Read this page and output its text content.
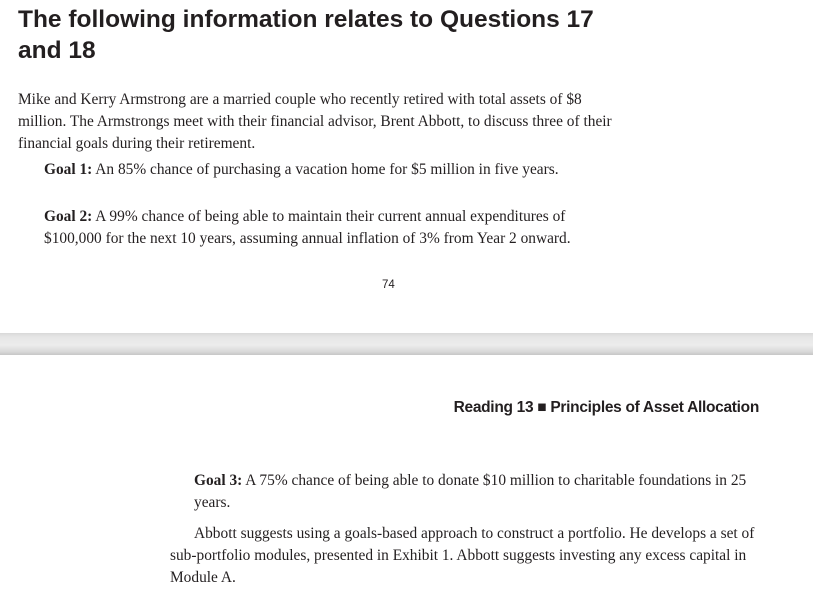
The following information relates to Questions 17 and 18

Mike and Kerry Armstrong are a married couple who recently retired with total assets of $8 million. The Armstrongs meet with their financial advisor, Brent Abbott, to discuss three of their financial goals during their retirement.

Goal 1: An 85% chance of purchasing a vacation home for $5 million in five years.

Goal 2: A 99% chance of being able to maintain their current annual expenditures of $100,000 for the next 10 years, assuming annual inflation of 3% from Year 2 onward.

74
Reading 13 ■ Principles of Asset Allocation

Goal 3: A 75% chance of being able to donate $10 million to charitable foundations in 25 years.

Abbott suggests using a goals-based approach to construct a portfolio. He develops a set of sub-portfolio modules, presented in Exhibit 1. Abbott suggests investing any excess capital in Module A.
